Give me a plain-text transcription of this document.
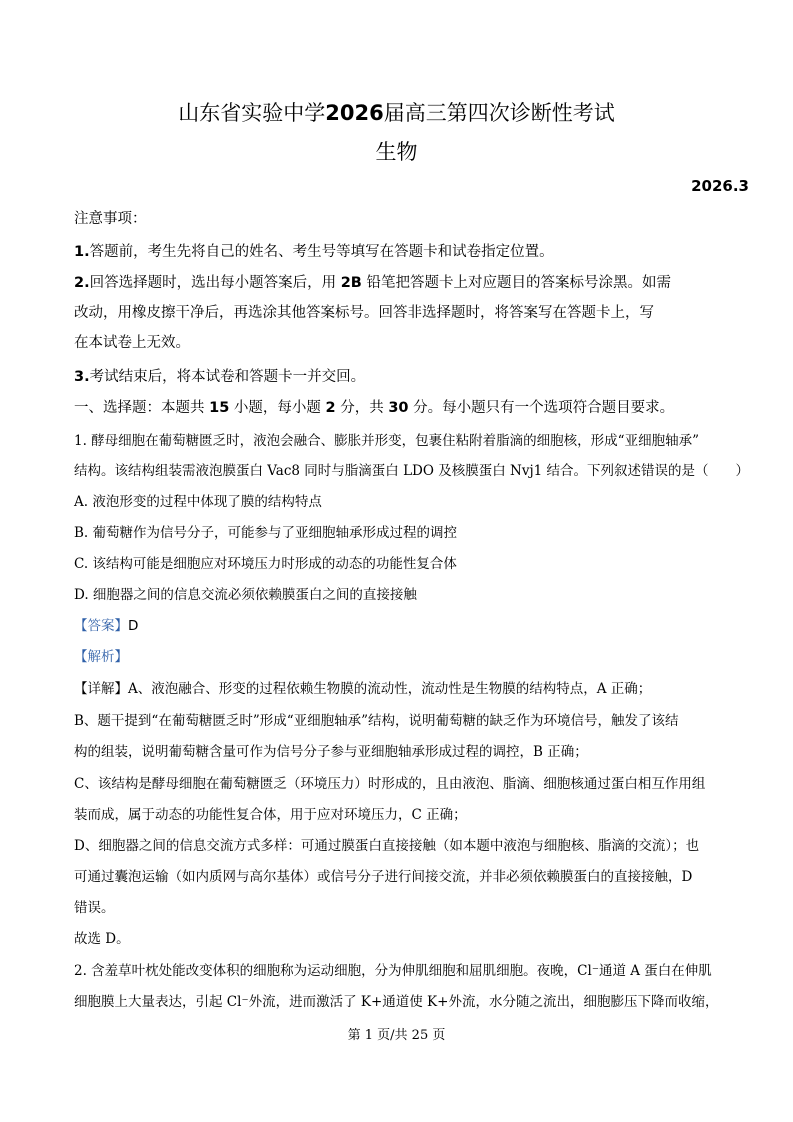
山东省实验中学2026届高三第四次诊断性考试
生物
2026.3
注意事项：
1.答题前，考生先将自己的姓名、考生号等填写在答题卡和试卷指定位置。
2.回答选择题时，选出每小题答案后，用 2B 铅笔把答题卡上对应题目的答案标号涂黑。如需
改动，用橡皮擦干净后，再选涂其他答案标号。回答非选择题时，将答案写在答题卡上，写
在本试卷上无效。
3.考试结束后，将本试卷和答题卡一并交回。
一、选择题：本题共 15 小题，每小题 2 分，共 30 分。每小题只有一个选项符合题目要求。
1. 酵母细胞在葡萄糖匮乏时，液泡会融合、膨胀并形变，包裹住粘附着脂滴的细胞核，形成“亚细胞轴承”
结构。该结构组装需液泡膜蛋白 Vac8 同时与脂滴蛋白 LDO 及核膜蛋白 Nvj1 结合。下列叙述错误的是（　　）
A. 液泡形变的过程中体现了膜的结构特点
B. 葡萄糖作为信号分子，可能参与了亚细胞轴承形成过程的调控
C. 该结构可能是细胞应对环境压力时形成的动态的功能性复合体
D. 细胞器之间的信息交流必须依赖膜蛋白之间的直接接触
【答案】D
【解析】
【详解】A、液泡融合、形变的过程依赖生物膜的流动性，流动性是生物膜的结构特点，A 正确；
B、题干提到“在葡萄糖匮乏时”形成“亚细胞轴承”结构，说明葡萄糖的缺乏作为环境信号，触发了该结
构的组装，说明葡萄糖含量可作为信号分子参与亚细胞轴承形成过程的调控，B 正确；
C、该结构是酵母细胞在葡萄糖匮乏（环境压力）时形成的，且由液泡、脂滴、细胞核通过蛋白相互作用组
装而成，属于动态的功能性复合体，用于应对环境压力，C 正确；
D、细胞器之间的信息交流方式多样：可通过膜蛋白直接接触（如本题中液泡与细胞核、脂滴的交流）；也
可通过囊泡运输（如内质网与高尔基体）或信号分子进行间接交流，并非必须依赖膜蛋白的直接接触，D
错误。
故选 D。
2. 含羞草叶枕处能改变体积的细胞称为运动细胞，分为伸肌细胞和屈肌细胞。夜晚，Cl⁻通道 A 蛋白在伸肌
细胞膜上大量表达，引起 Cl⁻外流，进而激活了 K+通道使 K+外流，水分随之流出，细胞膨压下降而收缩，
第 1 页/共 25 页
